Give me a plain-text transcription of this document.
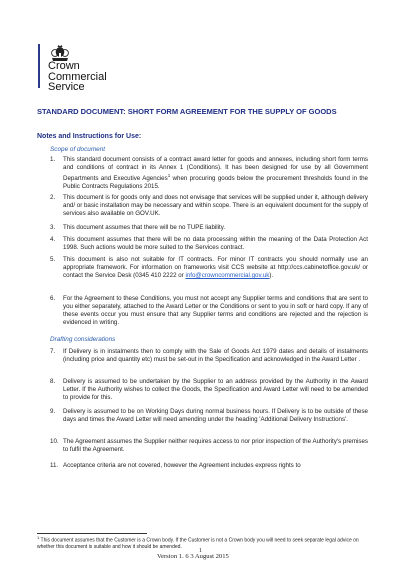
Crown
Commercial
Service
STANDARD DOCUMENT: SHORT FORM AGREEMENT FOR THE SUPPLY OF GOODS
Notes and Instructions for Use:
Scope of document
1. This standard document consists of a contract award letter for goods and annexes, including short form terms and conditions of contract in its Annex 1 (Conditions). It has been designed for use by all Government Departments and Executive Agencies$^1$ when procuring goods below the procurement thresholds found in the Public Contracts Regulations 2015.
2. This document is for goods only and does not envisage that services will be supplied under it, although delivery and/ or basic installation may be necessary and within scope. There is an equivalent document for the supply of services also available on GOV.UK.
3. This document assumes that there will be no TUPE liability.
4. This document assumes that there will be no data processing within the meaning of the Data Protection Act 1998. Such actions would be more suited to the Services contract.
5. This document is also not suitable for IT contracts. For minor IT contracts you should normally use an appropriate framework. For information on frameworks visit CCS website at http://ccs.cabinetoffice.gov.uk/ or contact the Service Desk (0345 410 2222 or info@crowncommercial.gov.uk).
6. For the Agreement to these Conditions, you must not accept any Supplier terms and conditions that are sent to you either separately, attached to the Award Letter or the Conditions or sent to you in soft or hard copy. If any of these events occur you must ensure that any Supplier terms and conditions are rejected and the rejection is evidenced in writing.
Drafting considerations
7. If Delivery is in instalments then to comply with the Sale of Goods Act 1979 dates and details of instalments (including price and quantity etc) must be set-out in the Specification and acknowledged in the Award Letter .
8. Delivery is assumed to be undertaken by the Supplier to an address provided by the Authority in the Award Letter. If the Authority wishes to collect the Goods, the Specification and Award Letter will need to be amended to provide for this.
9. Delivery is assumed to be on Working Days during normal business hours. If Delivery is to be outside of these days and times the Award Letter will need amending under the heading 'Additional Delivery Instructions'.
10. The Agreement assumes the Supplier neither requires access to nor prior inspection of the Authority's premises to fulfil the Agreement.
11. Acceptance criteria are not covered, however the Agreement includes express rights to
$^1$ This document assumes that the Customer is a Crown body. If the Customer is not a Crown body you will need to seek separate legal advice on whether this document is suitable and how it should be amended.
1
Version 1. 6 3 August 2015
